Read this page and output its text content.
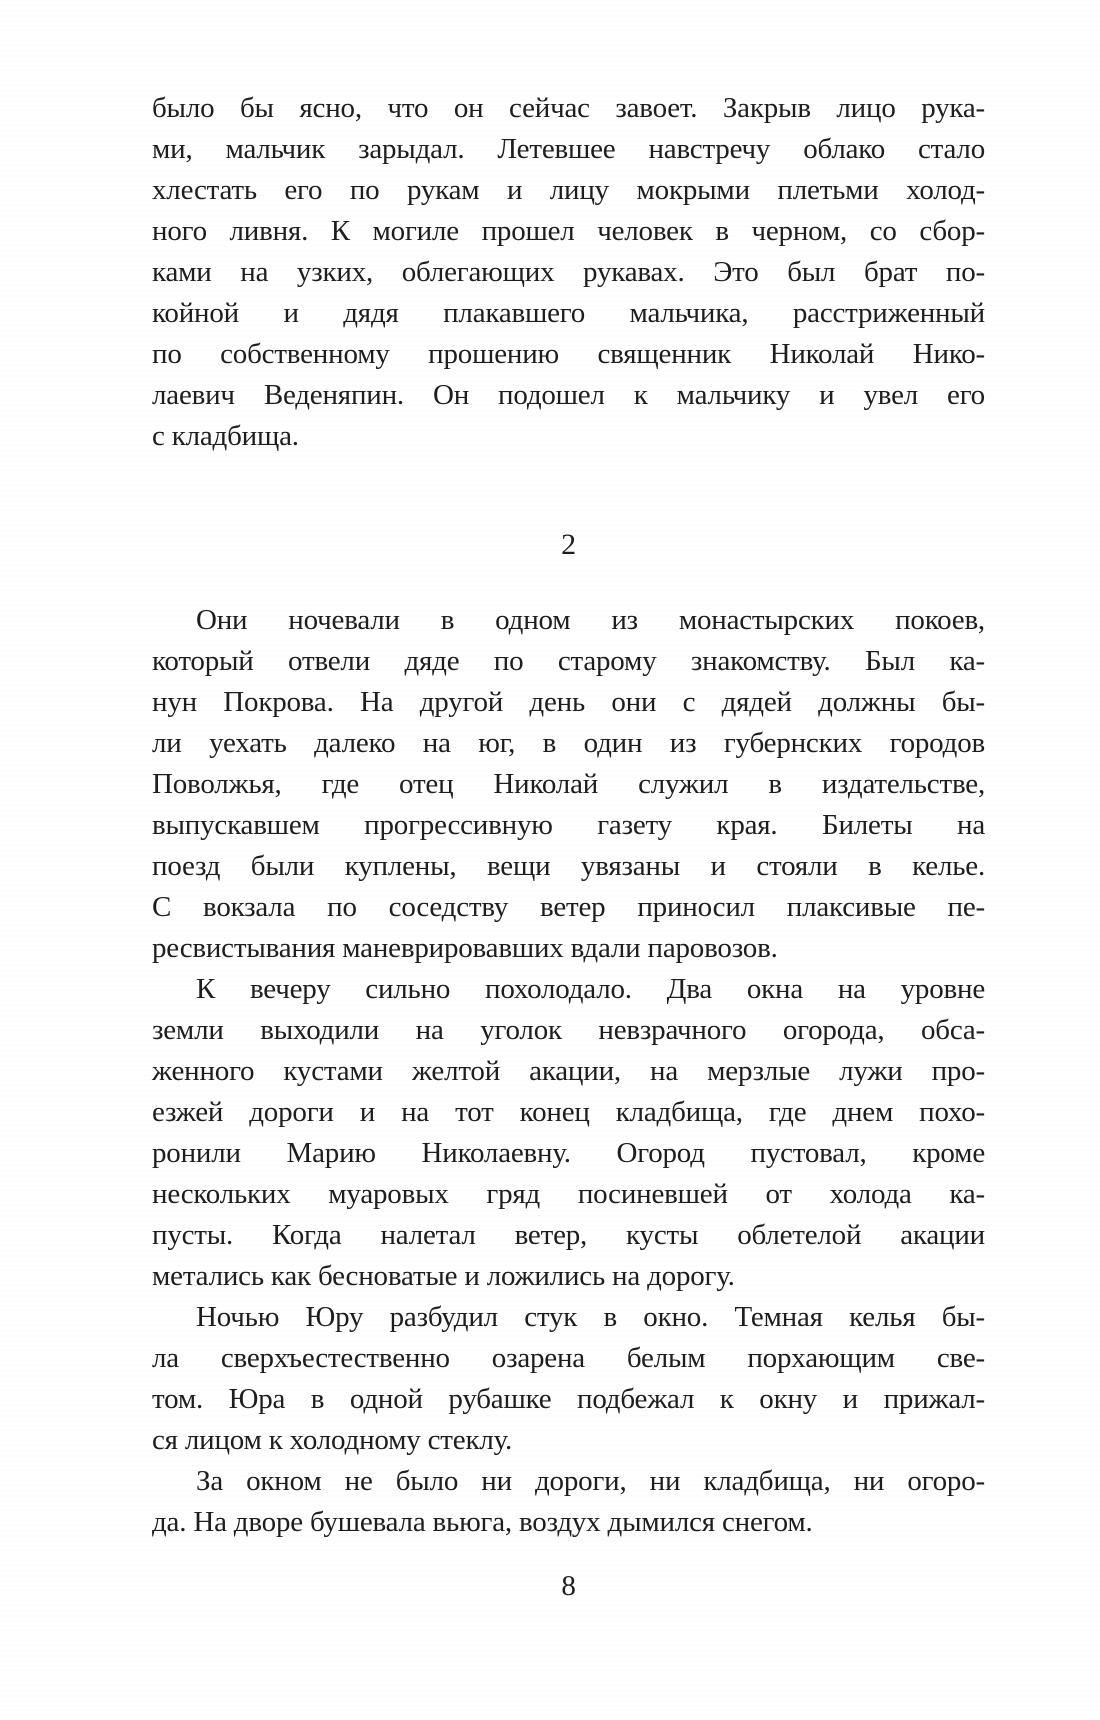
было бы ясно, что он сейчас завоет. Закрыв лицо рука-
ми, мальчик зарыдал. Летевшее навстречу облако стало
хлестать его по рукам и лицу мокрыми плетьми холод-
ного ливня. К могиле прошел человек в черном, со сбор-
ками на узких, облегающих рукавах. Это был брат по-
койной и дядя плакавшего мальчика, расстриженный
по собственному прошению священник Николай Нико-
лаевич Веденяпин. Он подошел к мальчику и увел его
с кладбища.
2
Они ночевали в одном из монастырских покоев,
который отвели дяде по старому знакомству. Был ка-
нун Покрова. На другой день они с дядей должны бы-
ли уехать далеко на юг, в один из губернских городов
Поволжья, где отец Николай служил в издательстве,
выпускавшем прогрессивную газету края. Билеты на
поезд были куплены, вещи увязаны и стояли в келье.
С вокзала по соседству ветер приносил плаксивые пе-
ресвистывания маневрировавших вдали паровозов.
К вечеру сильно похолодало. Два окна на уровне
земли выходили на уголок невзрачного огорода, обса-
женного кустами желтой акации, на мерзлые лужи про-
езжей дороги и на тот конец кладбища, где днем похо-
ронили Марию Николаевну. Огород пустовал, кроме
нескольких муаровых гряд посиневшей от холода ка-
пусты. Когда налетал ветер, кусты облетелой акации
метались как бесноватые и ложились на дорогу.
Ночью Юру разбудил стук в окно. Темная келья бы-
ла сверхъестественно озарена белым порхающим све-
том. Юра в одной рубашке подбежал к окну и прижал-
ся лицом к холодному стеклу.
За окном не было ни дороги, ни кладбища, ни огоро-
да. На дворе бушевала вьюга, воздух дымился снегом.
8
